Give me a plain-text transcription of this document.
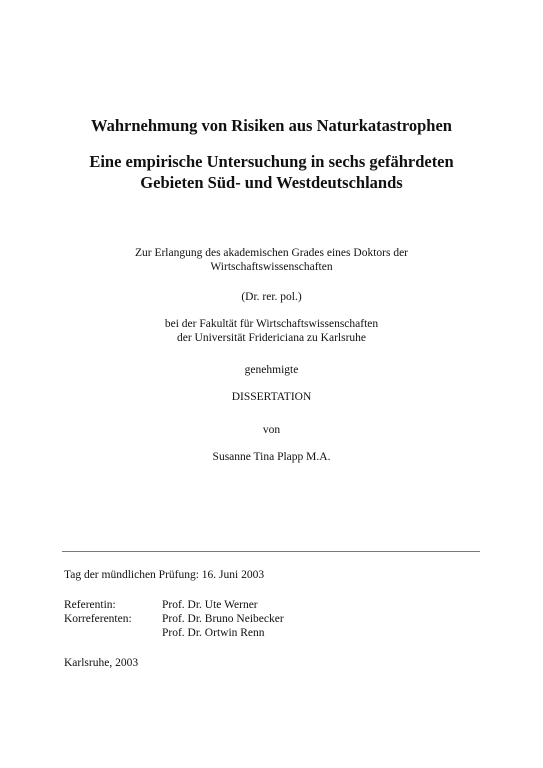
Wahrnehmung von Risiken aus Naturkatastrophen
Eine empirische Untersuchung in sechs gefährdeten
Gebieten Süd- und Westdeutschlands
Zur Erlangung des akademischen Grades eines Doktors der
Wirtschaftswissenschaften
(Dr. rer. pol.)
bei der Fakultät für Wirtschaftswissenschaften
der Universität Fridericiana zu Karlsruhe
genehmigte
DISSERTATION
von
Susanne Tina Plapp M.A.
Tag der mündlichen Prüfung: 16. Juni 2003
Referentin:	Prof. Dr. Ute Werner
Korreferenten:	Prof. Dr. Bruno Neibecker
Prof. Dr. Ortwin Renn
Karlsruhe, 2003
